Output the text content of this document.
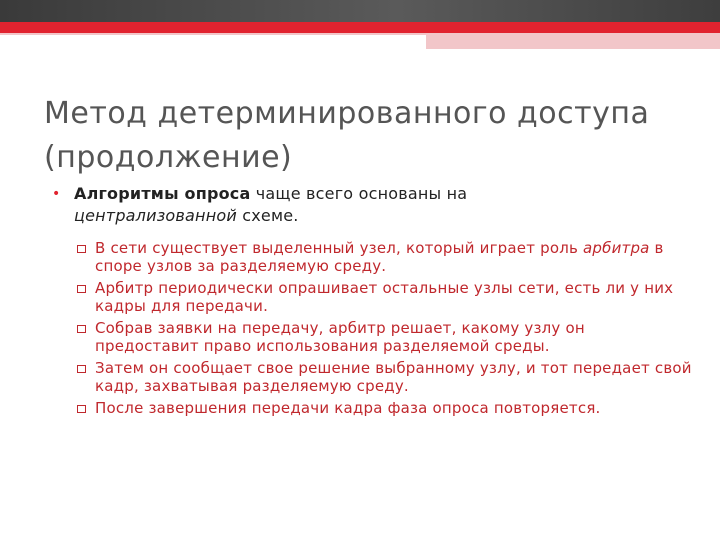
Метод детерминированного доступа
(продолжение)
• Алгоритмы опроса чаще всего основаны на
централизованной схеме.
В сети существует выделенный узел, который играет роль арбитра в споре узлов за разделяемую среду.
Арбитр периодически опрашивает остальные узлы сети, есть ли у них кадры для передачи.
Собрав заявки на передачу, арбитр решает, какому узлу он предоставит право использования разделяемой среды.
Затем он сообщает свое решение выбранному узлу, и тот передает свой кадр, захватывая разделяемую среду.
После завершения передачи кадра фаза опроса повторяется.
